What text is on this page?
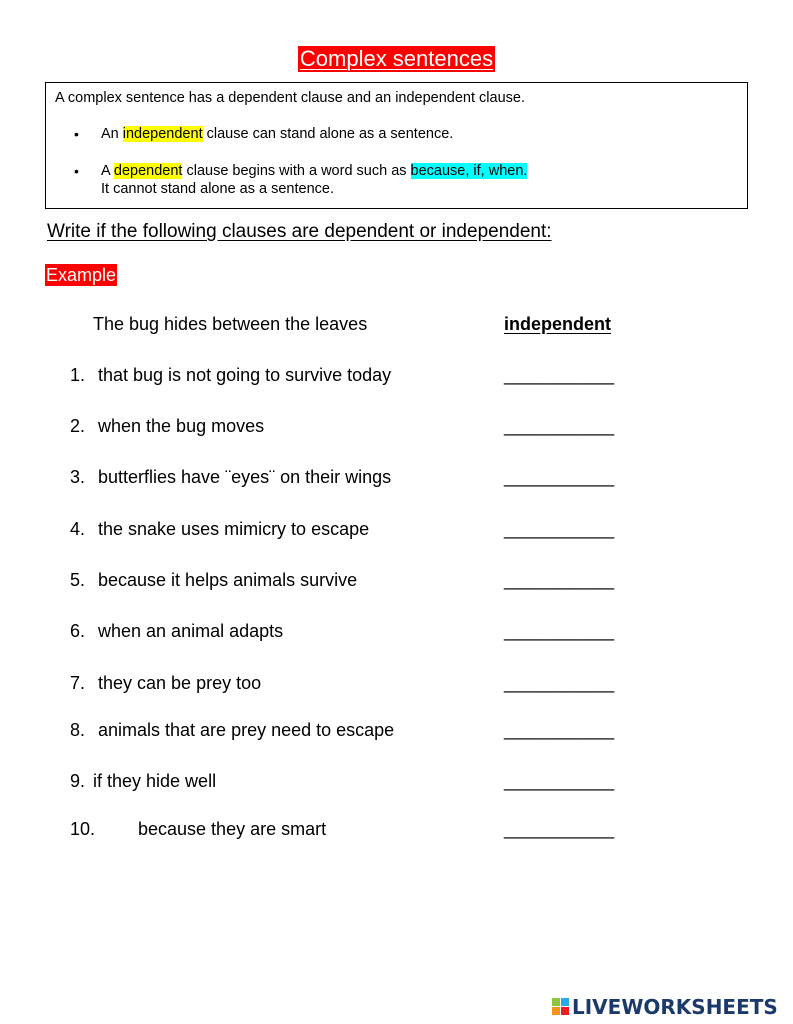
Complex sentences
A complex sentence has a dependent clause and an independent clause.
• An independent clause can stand alone as a sentence.
• A dependent clause begins with a word such as because, if, when.
It cannot stand alone as a sentence.
Write if the following clauses are dependent or independent:
Example
The bug hides between the leaves	independent
1. that bug is not going to survive today	___________
2. when the bug moves	___________
3. butterflies have ¨eyes¨ on their wings	___________
4. the snake uses mimicry to escape	___________
5. because it helps animals survive	___________
6. when an animal adapts	___________
7. they can be prey too	___________
8. animals that are prey need to escape	___________
9. if they hide well	___________
10. because they are smart	___________
LIVEWORKSHEETS
